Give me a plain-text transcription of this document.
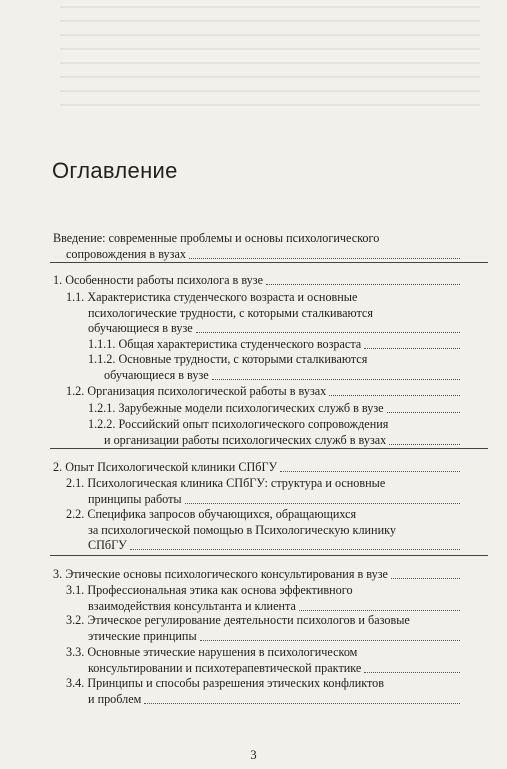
Оглавление
Введение: современные проблемы и основы психологического
сопровождения в вузах
1. Особенности работы психолога в вузе
1.1. Характеристика студенческого возраста и основные
психологические трудности, с которыми сталкиваются
обучающиеся в вузе
1.1.1. Общая характеристика студенческого возраста
1.1.2. Основные трудности, с которыми сталкиваются
обучающиеся в вузе
1.2. Организация психологической работы в вузах
1.2.1. Зарубежные модели психологических служб в вузе
1.2.2. Российский опыт психологического сопровождения
и организации работы психологических служб в вузах
2. Опыт Психологической клиники СПбГУ
2.1. Психологическая клиника СПбГУ: структура и основные
принципы работы
2.2. Специфика запросов обучающихся, обращающихся
за психологической помощью в Психологическую клинику
СПбГУ
3. Этические основы психологического консультирования в вузе
3.1. Профессиональная этика как основа эффективного
взаимодействия консультанта и клиента
3.2. Этическое регулирование деятельности психологов и базовые
этические принципы
3.3. Основные этические нарушения в психологическом
консультировании и психотерапевтической практике
3.4. Принципы и способы разрешения этических конфликтов
и проблем
3
